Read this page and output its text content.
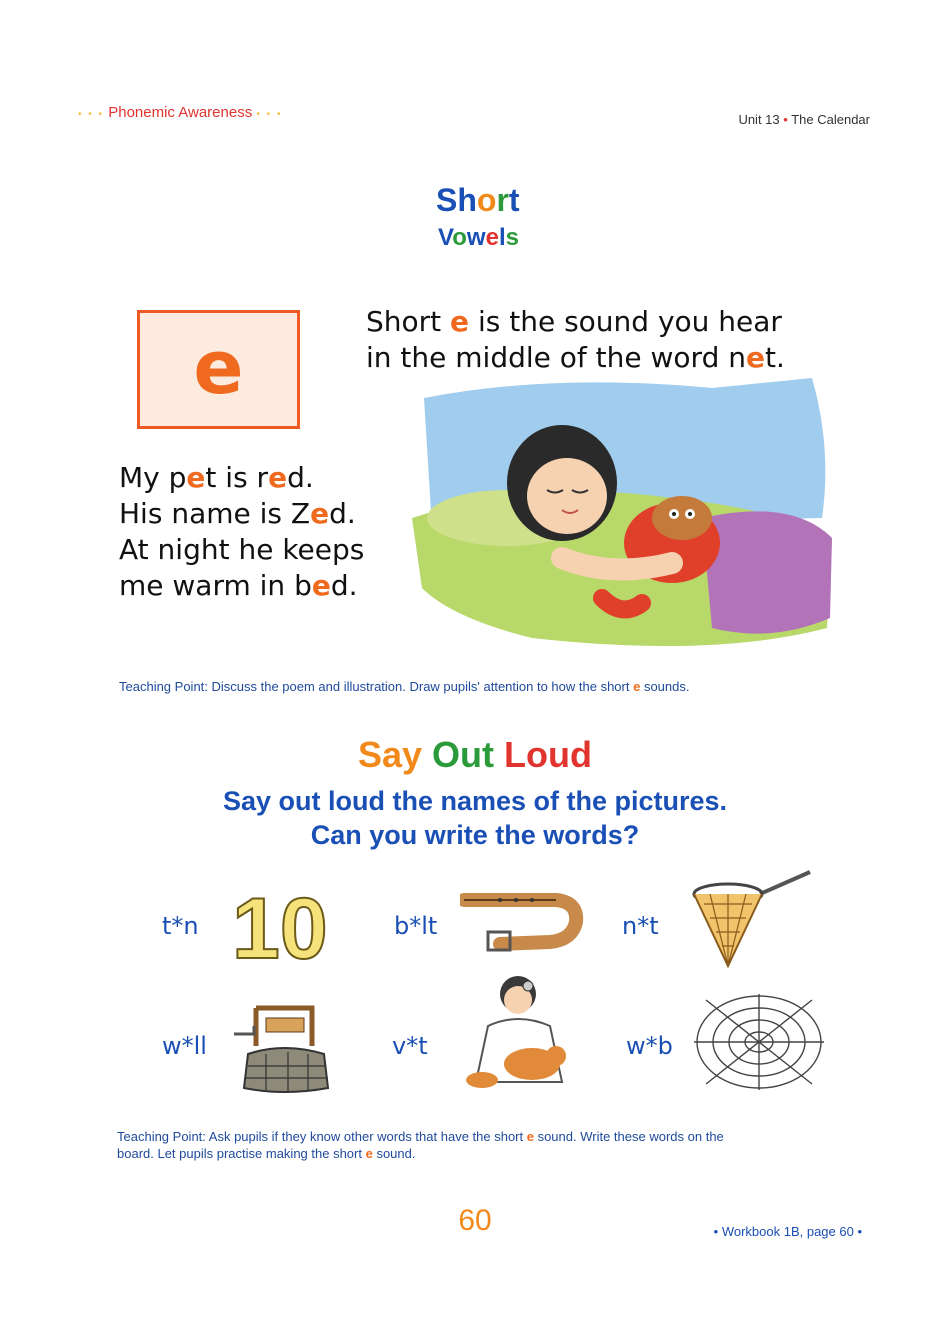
• • • Phonemic Awareness • • •	Unit 13 • The Calendar
Short
Vowels
e
Short e is the sound you hear
in the middle of the word net.
My pet is red.
His name is Zed.
At night he keeps
me warm in bed.
Teaching Point: Discuss the poem and illustration. Draw pupils' attention to how the short e sounds.
Say Out Loud
Say out loud the names of the pictures.
Can you write the words?
t*n 10	b*lt	n*t
w*ll	v*t	w*b
Teaching Point: Ask pupils if they know other words that have the short e sound. Write these words on the
board. Let pupils practise making the short e sound.
60	• Workbook 1B, page 60 •
